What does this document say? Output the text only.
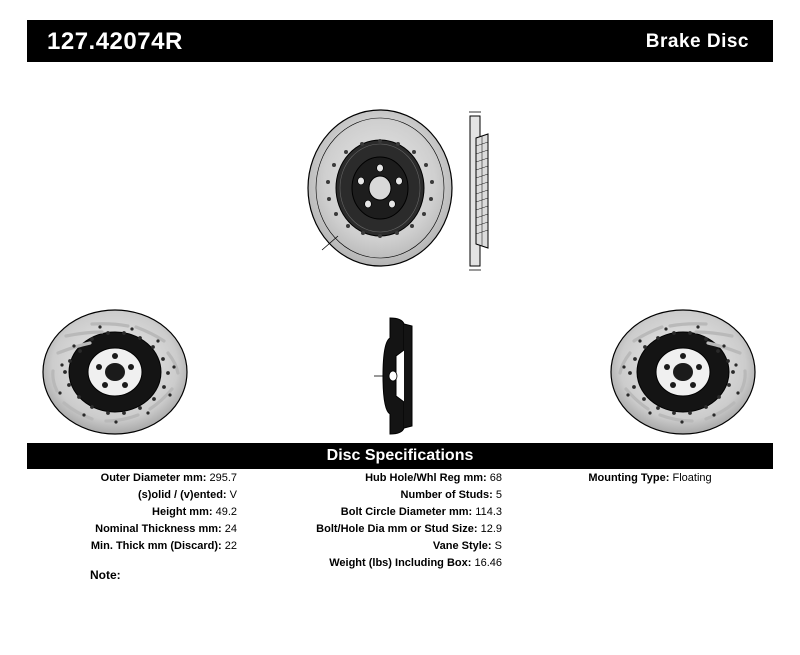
127.42074R	Brake Disc
Disc Specifications
Outer Diameter mm: 295.7
(s)olid / (v)ented: V
Height mm: 49.2
Nominal Thickness mm: 24
Min. Thick mm (Discard): 22
Hub Hole/Whl Reg mm: 68
Number of Studs: 5
Bolt Circle Diameter mm: 114.3
Bolt/Hole Dia mm or Stud Size: 12.9
Vane Style: S
Weight (lbs) Including Box: 16.46
Mounting Type: Floating
Note:
